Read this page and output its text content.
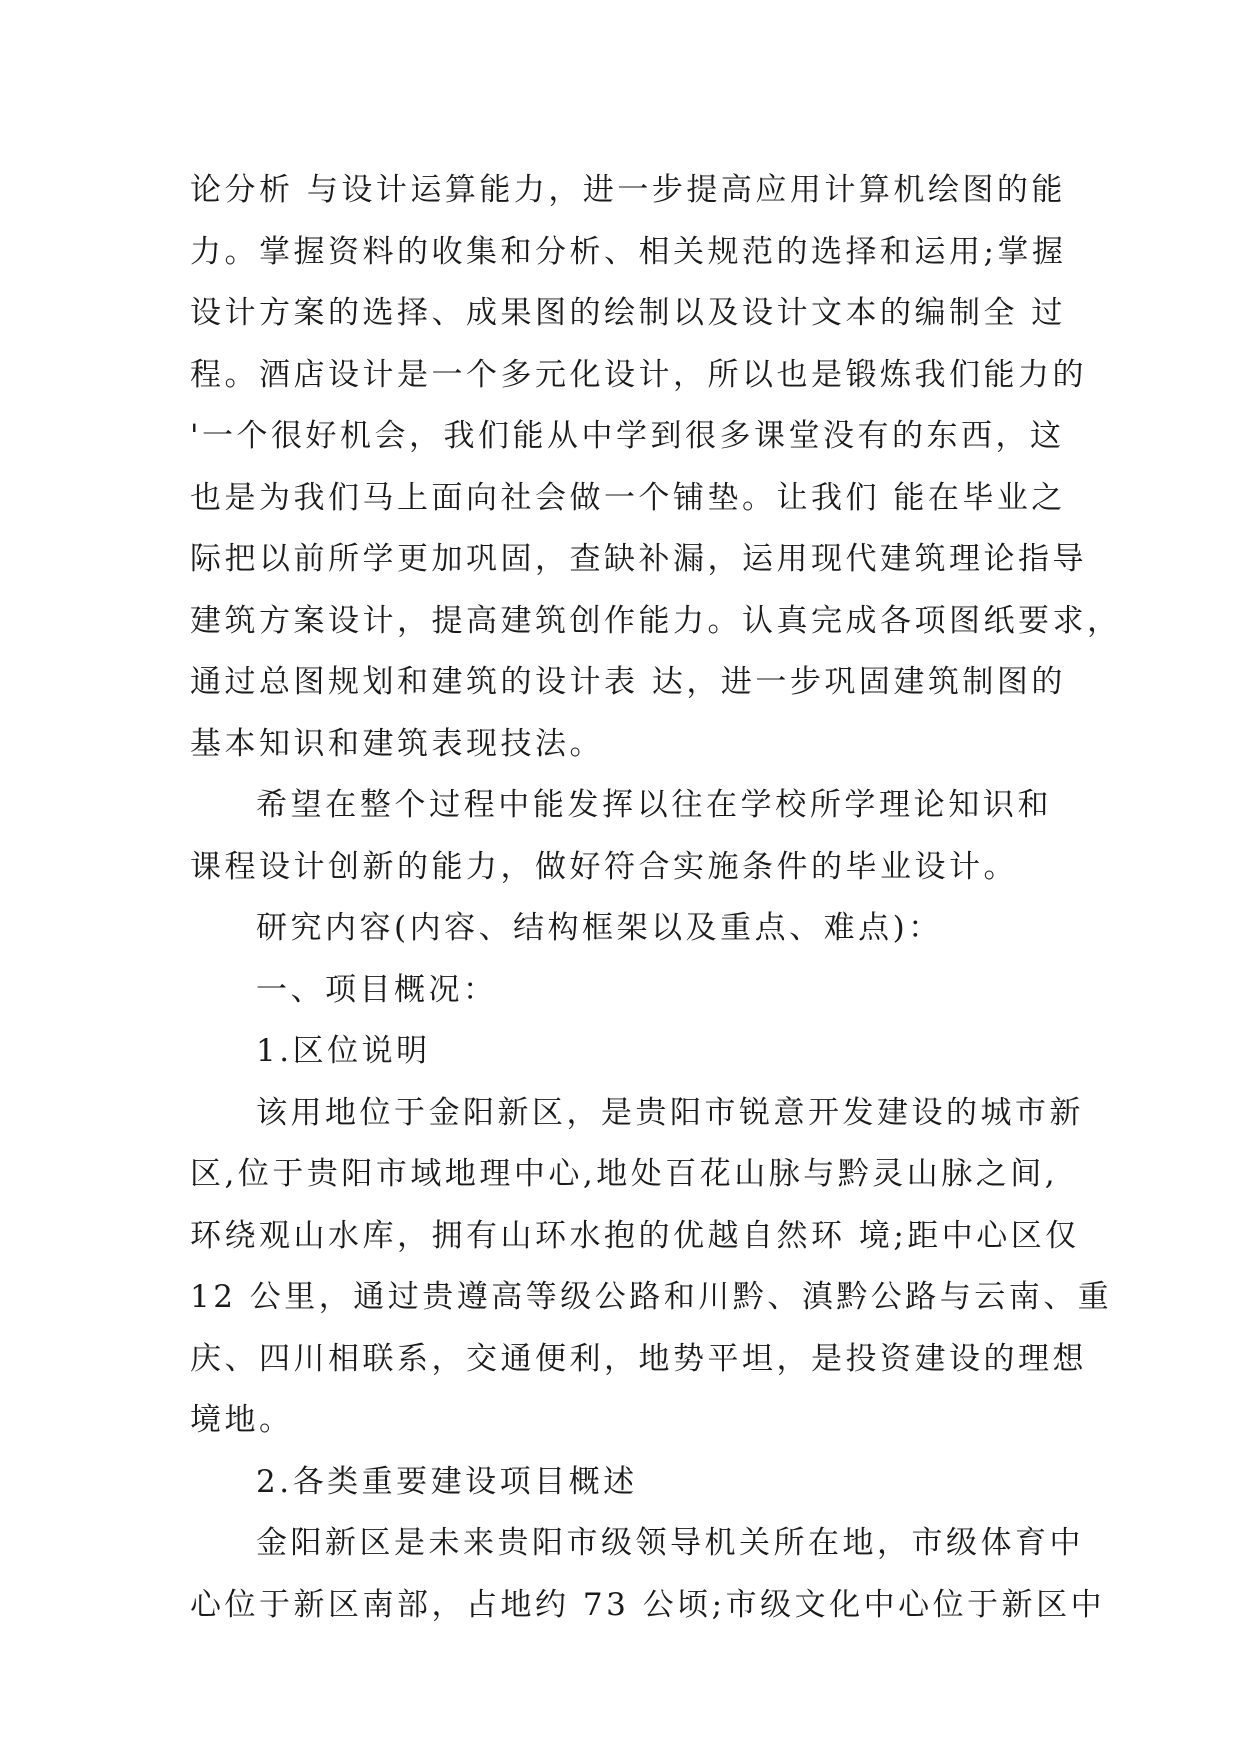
论分析 与设计运算能力，进一步提高应用计算机绘图的能
力。掌握资料的收集和分析、相关规范的选择和运用;掌握
设计方案的选择、成果图的绘制以及设计文本的编制全 过
程。酒店设计是一个多元化设计，所以也是锻炼我们能力的
'一个很好机会，我们能从中学到很多课堂没有的东西，这
也是为我们马上面向社会做一个铺垫。让我们 能在毕业之
际把以前所学更加巩固，查缺补漏，运用现代建筑理论指导
建筑方案设计，提高建筑创作能力。认真完成各项图纸要求，
通过总图规划和建筑的设计表 达，进一步巩固建筑制图的
基本知识和建筑表现技法。
希望在整个过程中能发挥以往在学校所学理论知识和
课程设计创新的能力，做好符合实施条件的毕业设计。
研究内容(内容、结构框架以及重点、难点)：
一、项目概况：
1.区位说明
该用地位于金阳新区，是贵阳市锐意开发建设的城市新
区,位于贵阳市域地理中心,地处百花山脉与黔灵山脉之间,
环绕观山水库，拥有山环水抱的优越自然环 境;距中心区仅
12 公里，通过贵遵高等级公路和川黔、滇黔公路与云南、重
庆、四川相联系，交通便利，地势平坦，是投资建设的理想
境地。
2.各类重要建设项目概述
金阳新区是未来贵阳市级领导机关所在地，市级体育中
心位于新区南部，占地约 73 公顷;市级文化中心位于新区中
